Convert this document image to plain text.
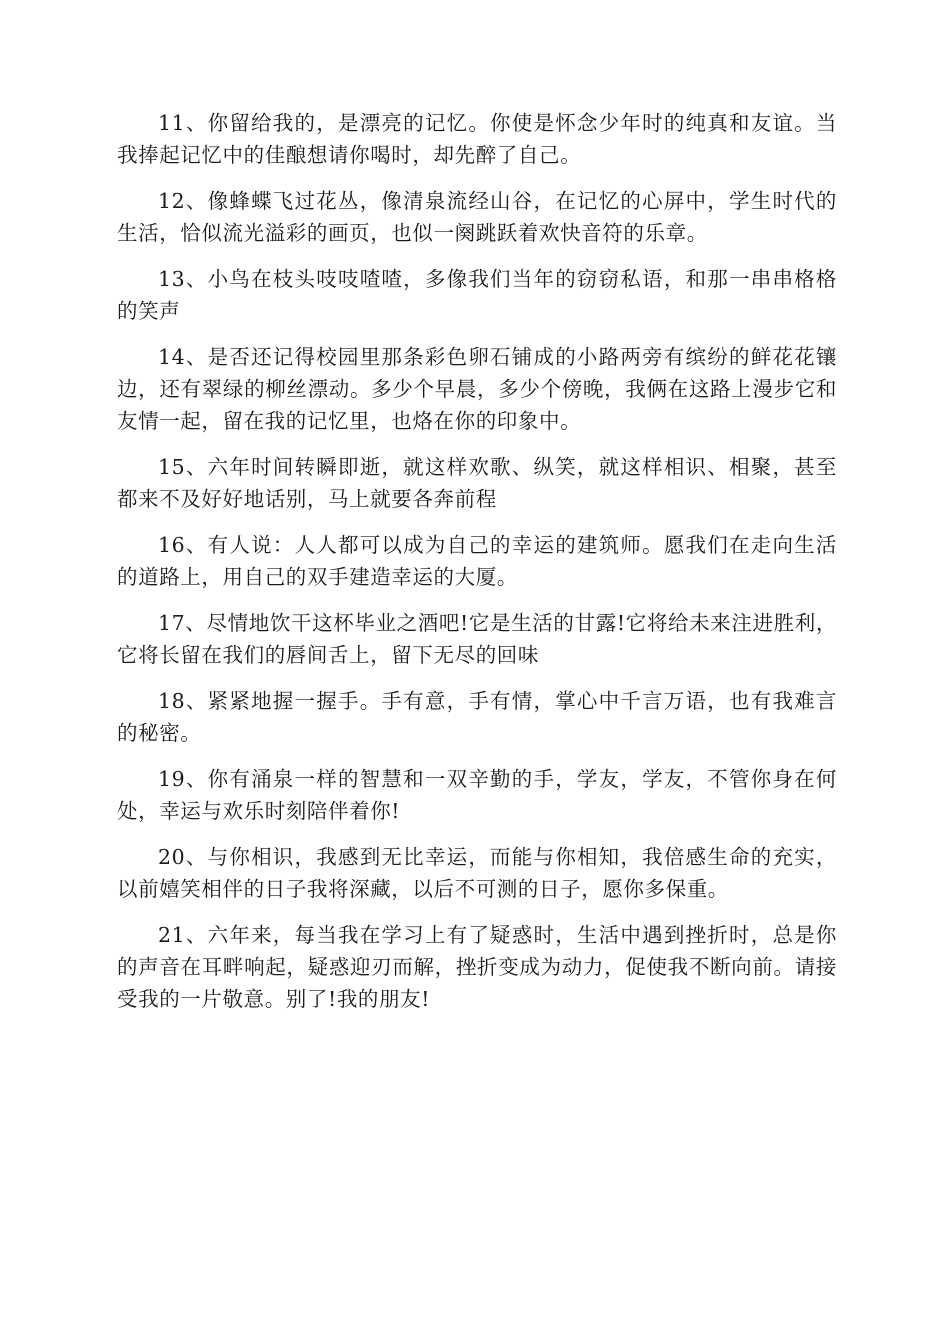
11、你留给我的，是漂亮的记忆。你使是怀念少年时的纯真和友谊。当我捧起记忆中的佳酿想请你喝时，却先醉了自己。

12、像蜂蝶飞过花丛，像清泉流经山谷，在记忆的心屏中，学生时代的生活，恰似流光溢彩的画页，也似一阕跳跃着欢快音符的乐章。

13、小鸟在枝头吱吱喳喳，多像我们当年的窃窃私语，和那一串串格格的笑声

14、是否还记得校园里那条彩色卵石铺成的小路两旁有缤纷的鲜花花镶边，还有翠绿的柳丝漂动。多少个早晨，多少个傍晚，我俩在这路上漫步它和友情一起，留在我的记忆里，也烙在你的印象中。

15、六年时间转瞬即逝，就这样欢歌、纵笑，就这样相识、相聚，甚至都来不及好好地话别，马上就要各奔前程

16、有人说：人人都可以成为自己的幸运的建筑师。愿我们在走向生活的道路上，用自己的双手建造幸运的大厦。

17、尽情地饮干这杯毕业之酒吧!它是生活的甘露!它将给未来注进胜利，它将长留在我们的唇间舌上，留下无尽的回味

18、紧紧地握一握手。手有意，手有情，掌心中千言万语，也有我难言的秘密。

19、你有涌泉一样的智慧和一双辛勤的手，学友，学友，不管你身在何处，幸运与欢乐时刻陪伴着你!

20、与你相识，我感到无比幸运，而能与你相知，我倍感生命的充实，以前嬉笑相伴的日子我将深藏，以后不可测的日子，愿你多保重。

21、六年来，每当我在学习上有了疑惑时，生活中遇到挫折时，总是你的声音在耳畔响起，疑惑迎刃而解，挫折变成为动力，促使我不断向前。请接受我的一片敬意。别了!我的朋友!
